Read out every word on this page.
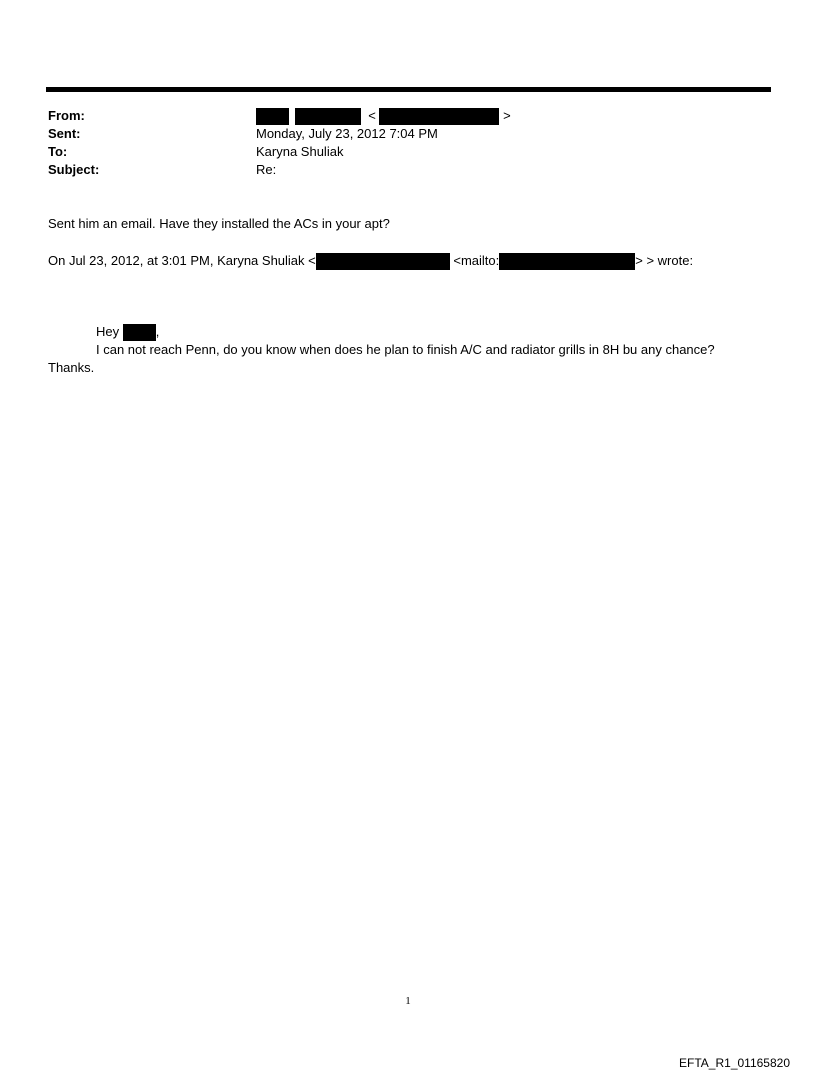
From:	<	>
Sent:	Monday, July 23, 2012 7:04 PM
To:	Karyna Shuliak
Subject:	Re:
Sent him an email. Have they installed the ACs in your apt?
On Jul 23, 2012, at 3:01 PM, Karyna Shuliak <	<mailto:	> > wrote:
Hey	,
I can not reach Penn, do you know when does he plan to finish A/C and radiator grills in 8H bu any chance?
Thanks.
1
EFTA_R1_01165820
